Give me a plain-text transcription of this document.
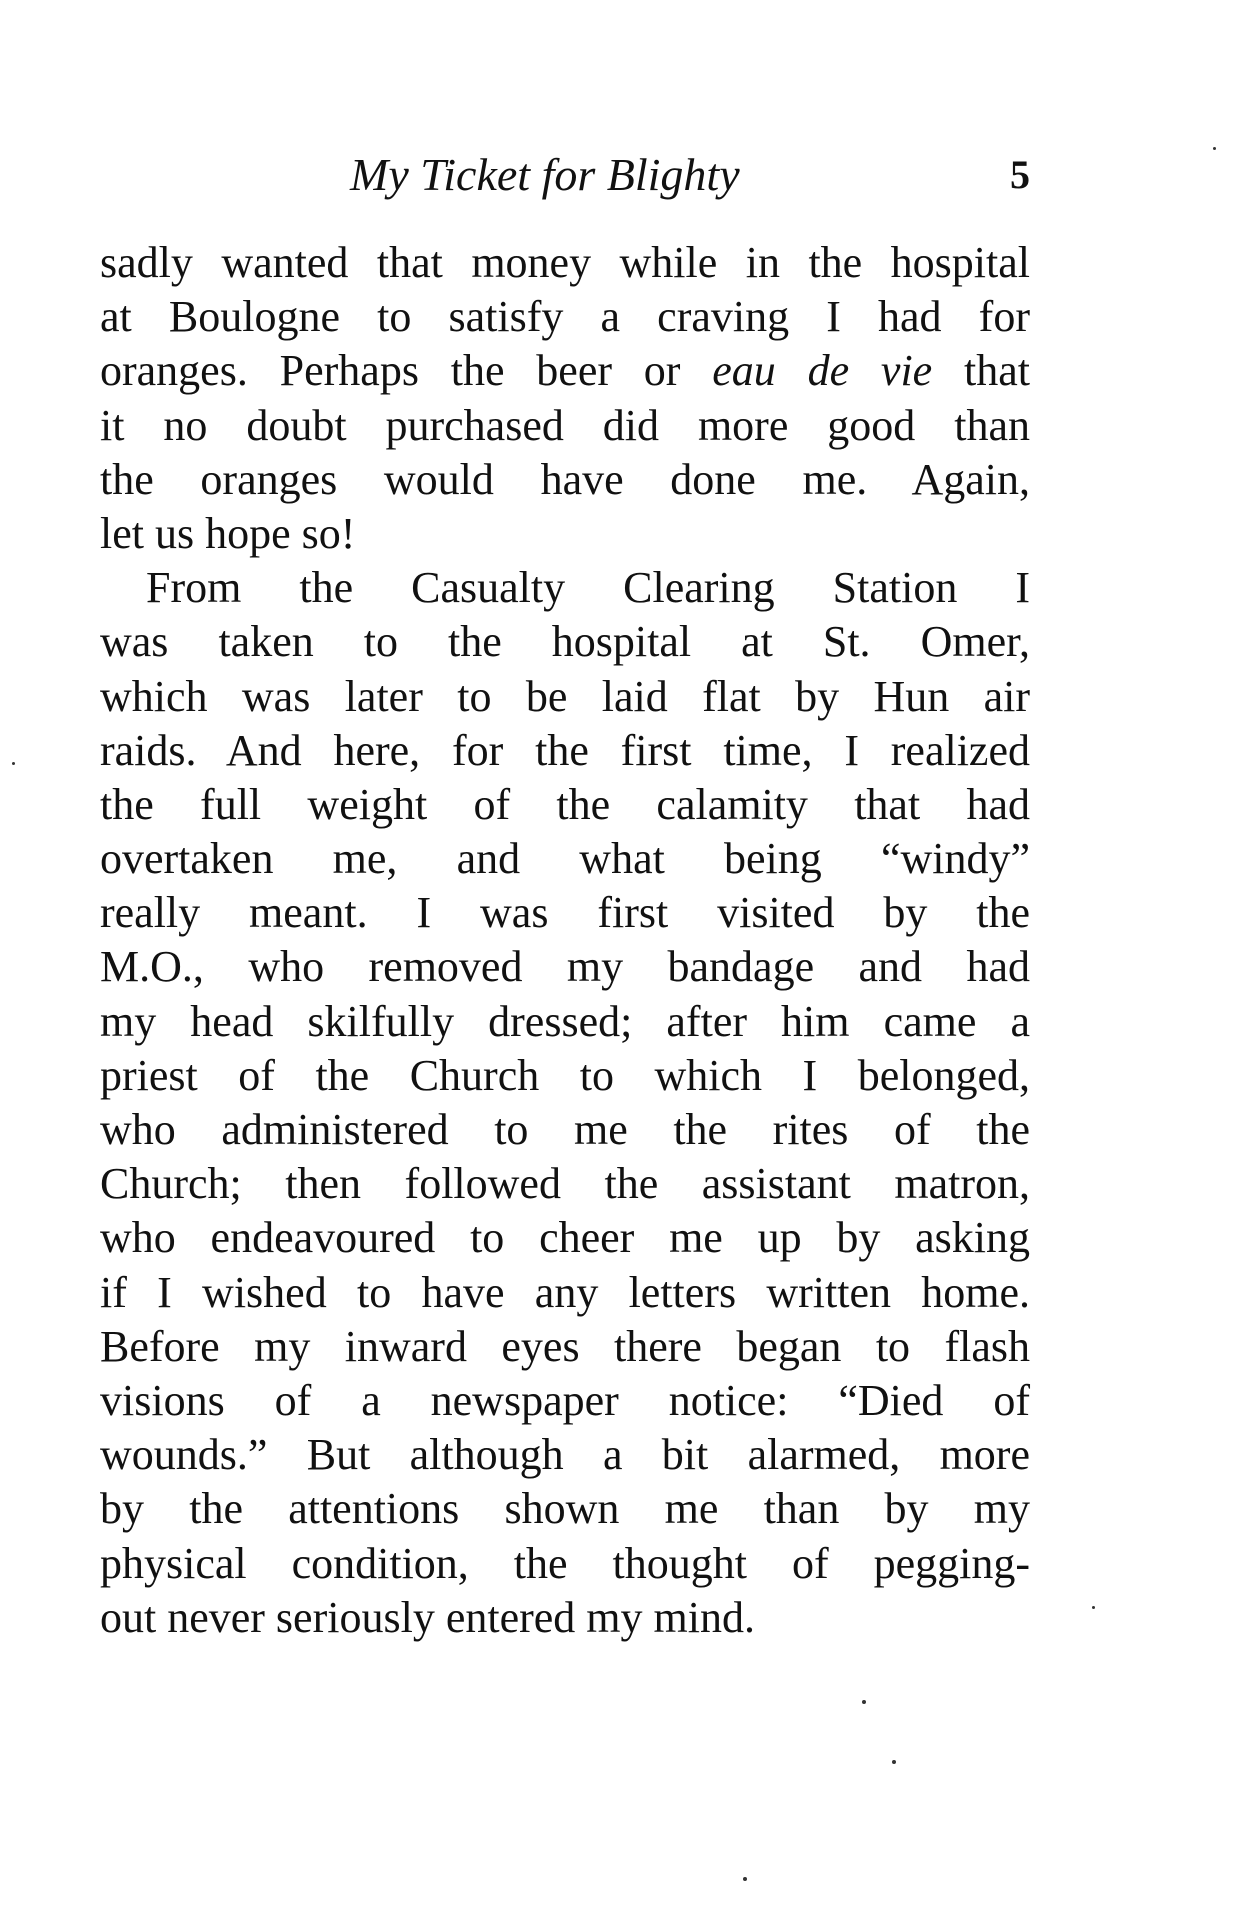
My Ticket for Blighty	5
sadly wanted that money while in the hospital
at Boulogne to satisfy a craving I had for
oranges. Perhaps the beer or eau de vie that
it no doubt purchased did more good than
the oranges would have done me. Again,
let us hope so!
From the Casualty Clearing Station I
was taken to the hospital at St. Omer,
which was later to be laid flat by Hun air
raids. And here, for the first time, I realized
the full weight of the calamity that had
overtaken me, and what being “windy”
really meant. I was first visited by the
M.O., who removed my bandage and had
my head skilfully dressed; after him came a
priest of the Church to which I belonged,
who administered to me the rites of the
Church; then followed the assistant matron,
who endeavoured to cheer me up by asking
if I wished to have any letters written home.
Before my inward eyes there began to flash
visions of a newspaper notice: “Died of
wounds.” But although a bit alarmed, more
by the attentions shown me than by my
physical condition, the thought of pegging-
out never seriously entered my mind.
